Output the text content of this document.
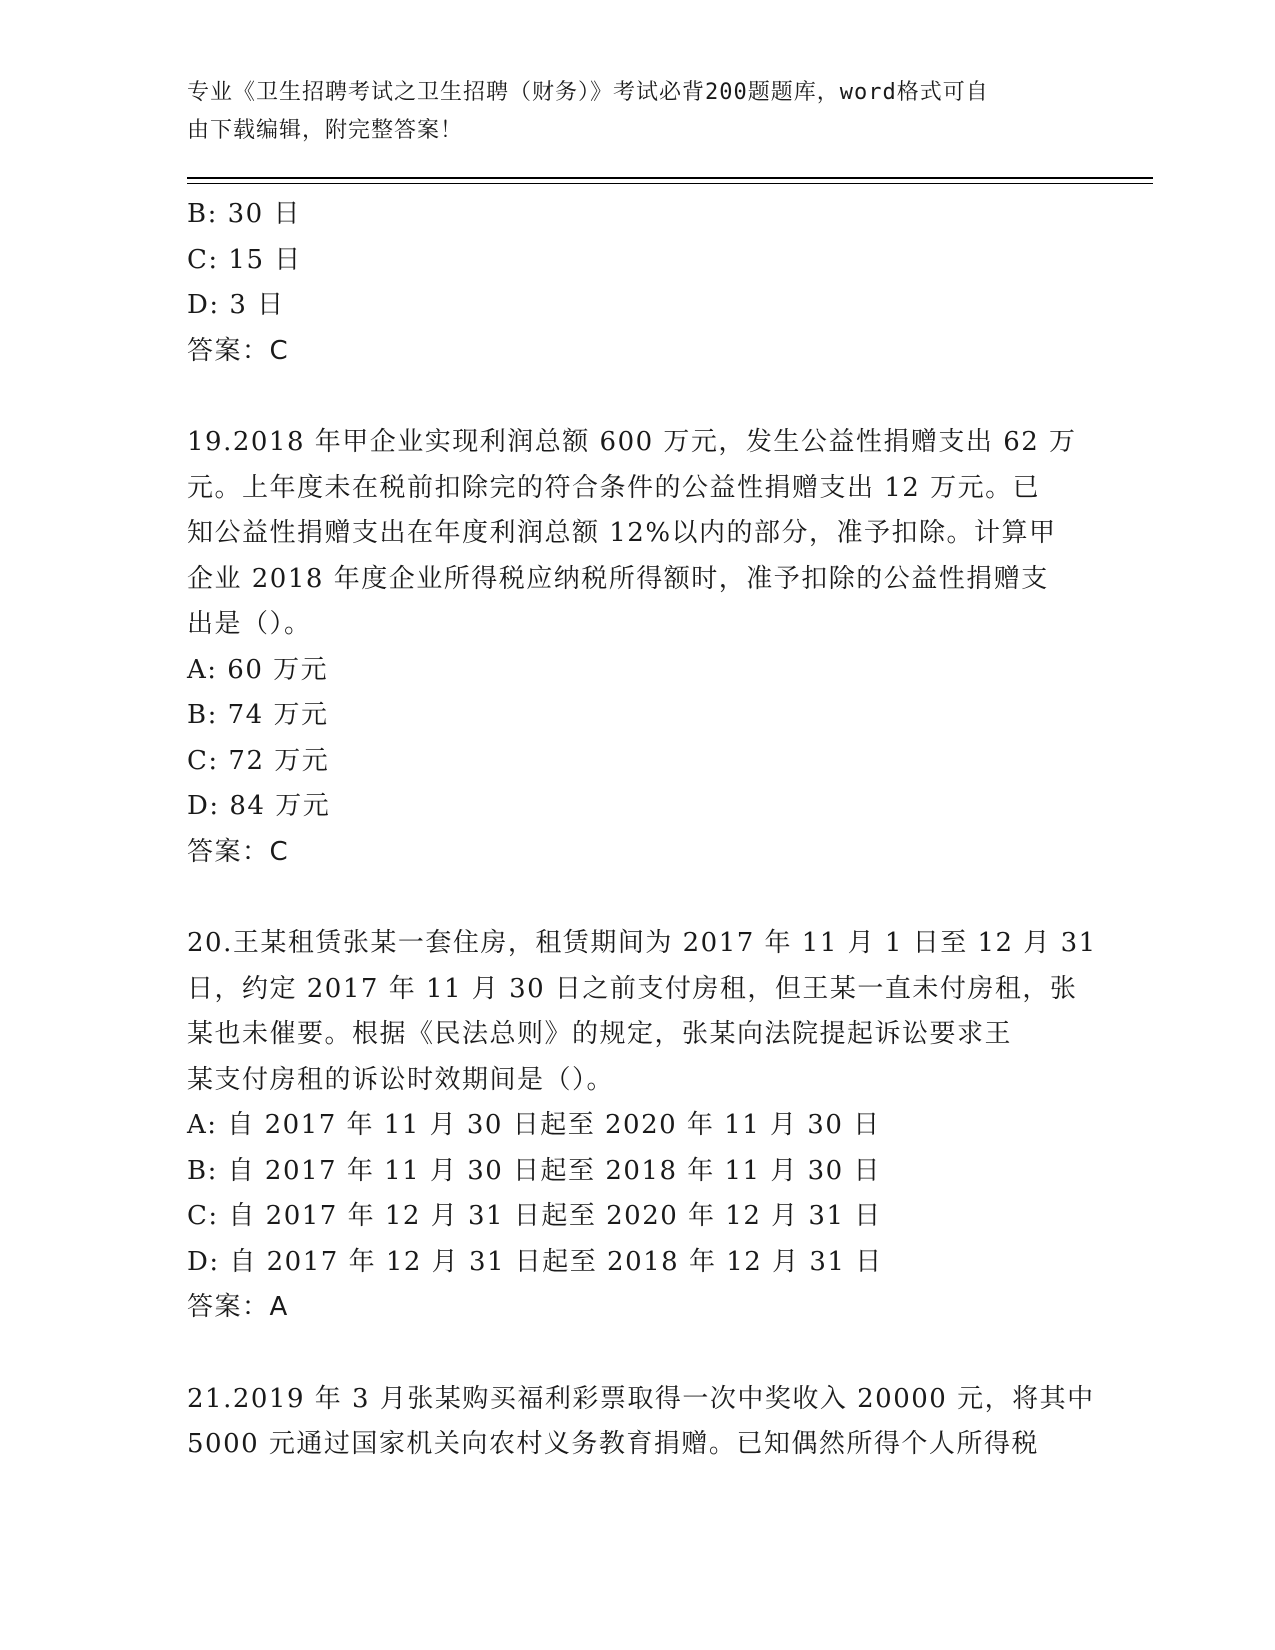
专业《卫生招聘考试之卫生招聘（财务）》考试必背200题题库，word格式可自
由下载编辑，附完整答案！
B: 30 日
C: 15 日
D: 3 日
答案：C
19.2018 年甲企业实现利润总额 600 万元，发生公益性捐赠支出 62 万
元。上年度未在税前扣除完的符合条件的公益性捐赠支出 12 万元。已
知公益性捐赠支出在年度利润总额 12%以内的部分，准予扣除。计算甲
企业 2018 年度企业所得税应纳税所得额时，准予扣除的公益性捐赠支
出是（）。
A: 60 万元
B: 74 万元
C: 72 万元
D: 84 万元
答案：C
20.王某租赁张某一套住房，租赁期间为 2017 年 11 月 1 日至 12 月 31
日，约定 2017 年 11 月 30 日之前支付房租，但王某一直未付房租，张
某也未催要。根据《民法总则》的规定，张某向法院提起诉讼要求王
某支付房租的诉讼时效期间是（）。
A: 自 2017 年 11 月 30 日起至 2020 年 11 月 30 日
B: 自 2017 年 11 月 30 日起至 2018 年 11 月 30 日
C: 自 2017 年 12 月 31 日起至 2020 年 12 月 31 日
D: 自 2017 年 12 月 31 日起至 2018 年 12 月 31 日
答案：A
21.2019 年 3 月张某购买福利彩票取得一次中奖收入 20000 元，将其中
5000 元通过国家机关向农村义务教育捐赠。已知偶然所得个人所得税
